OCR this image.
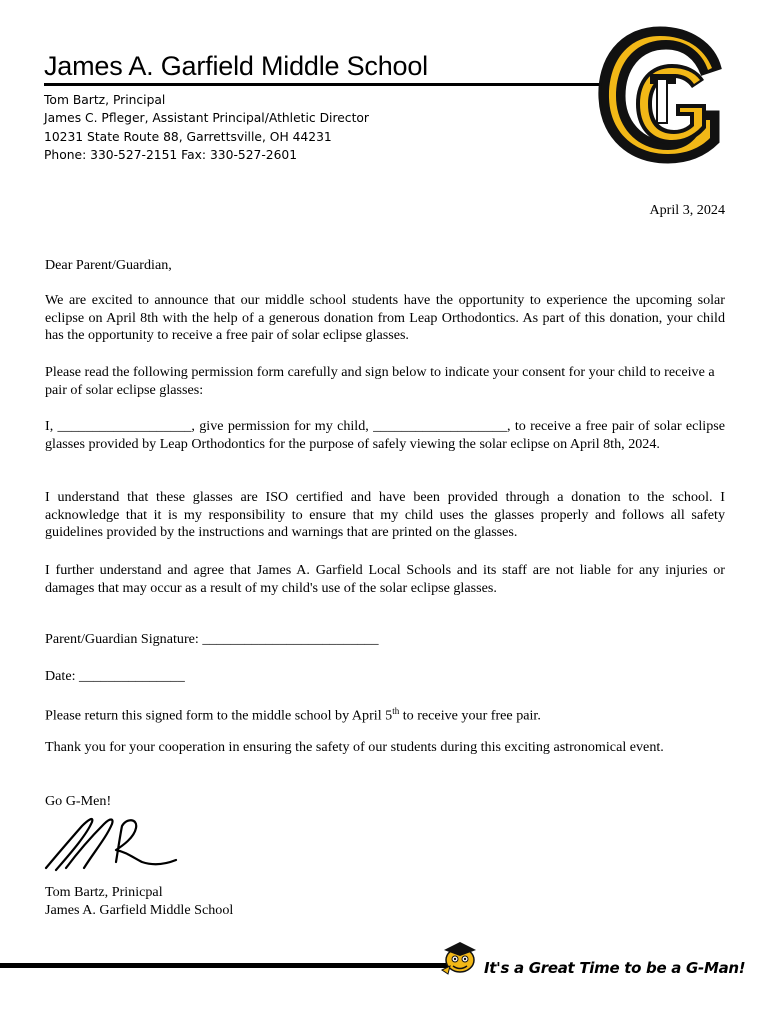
James A. Garfield Middle School
Tom Bartz, Principal
James C. Pfleger, Assistant Principal/Athletic Director
10231 State Route 88, Garrettsville, OH 44231
Phone: 330-527-2151 Fax: 330-527-2601
April 3, 2024
Dear Parent/Guardian,
We are excited to announce that our middle school students have the opportunity to experience the upcoming solar eclipse on April 8th with the help of a generous donation from Leap Orthodontics. As part of this donation, your child has the opportunity to receive a free pair of solar eclipse glasses.
Please read the following permission form carefully and sign below to indicate your consent for your child to receive a pair of solar eclipse glasses:
I, ___________________, give permission for my child, ___________________, to receive a free pair of solar eclipse glasses provided by Leap Orthodontics for the purpose of safely viewing the solar eclipse on April 8th, 2024.
I understand that these glasses are ISO certified and have been provided through a donation to the school. I acknowledge that it is my responsibility to ensure that my child uses the glasses properly and follows all safety guidelines provided by the instructions and warnings that are printed on the glasses.
I further understand and agree that James A. Garfield Local Schools and its staff are not liable for any injuries or damages that may occur as a result of my child's use of the solar eclipse glasses.
Parent/Guardian Signature: _________________________
Date: _______________
Please return this signed form to the middle school by April 5th to receive your free pair.
Thank you for your cooperation in ensuring the safety of our students during this exciting astronomical event.
Go G-Men!
Tom Bartz, Prinicpal
James A. Garfield Middle School
It's a Great Time to be a G-Man!
